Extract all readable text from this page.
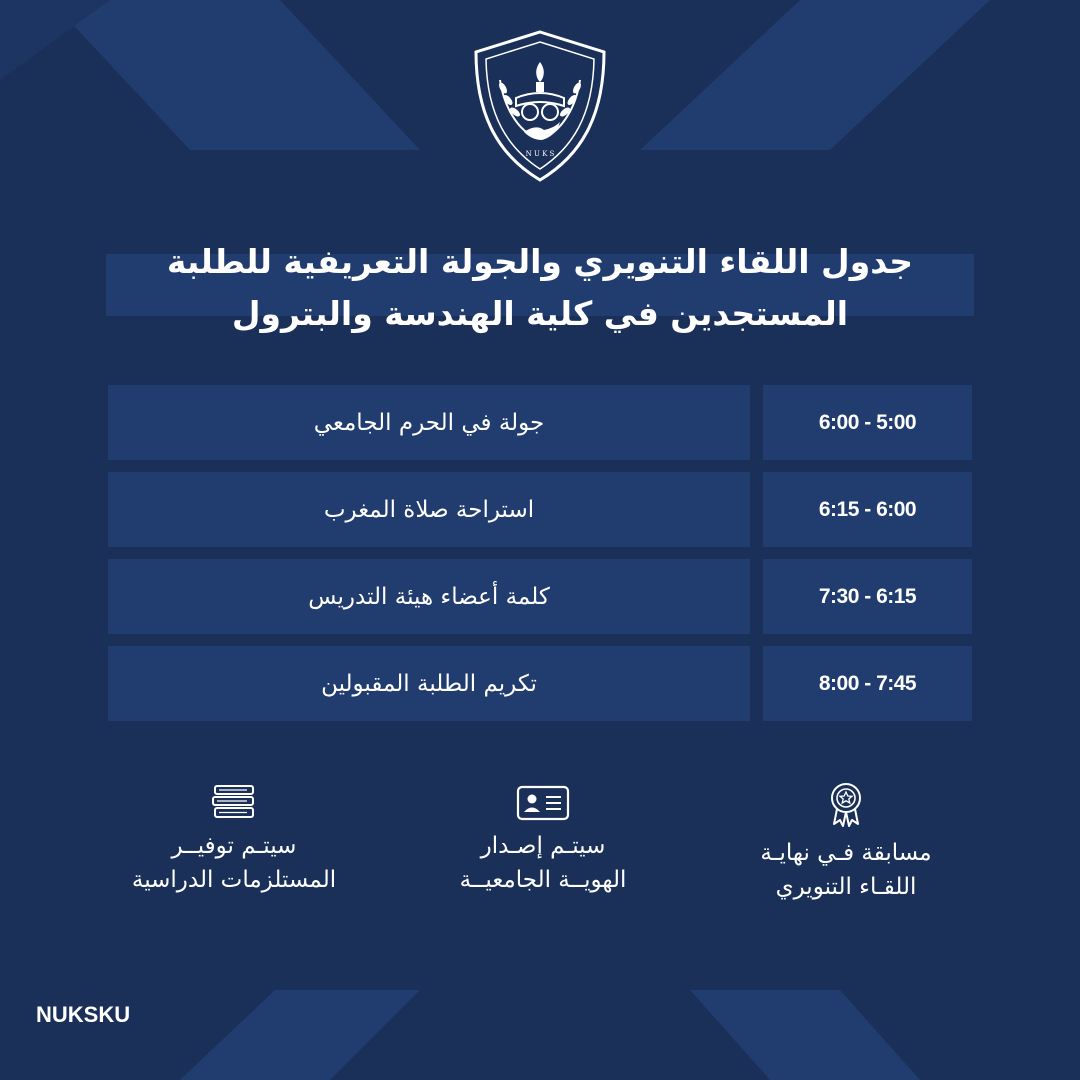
N U K S
جدول اللقاء التنويري والجولة التعريفية للطلبة
المستجدين في كلية الهندسة والبترول
جولة في الحرم الجامعي	6:00 - 5:00
استراحة صلاة المغرب	6:15 - 6:00
كلمة أعضاء هيئة التدريس	7:30 - 6:15
تكريم الطلبة المقبولين	8:00 - 7:45
مسابقة فـي نهايـة
اللقـاء التنويري
سيتـم إصـدار
الهويــة الجامعيــة
سيتـم توفيــر
المستلزمات الدراسية
NUKSKU
